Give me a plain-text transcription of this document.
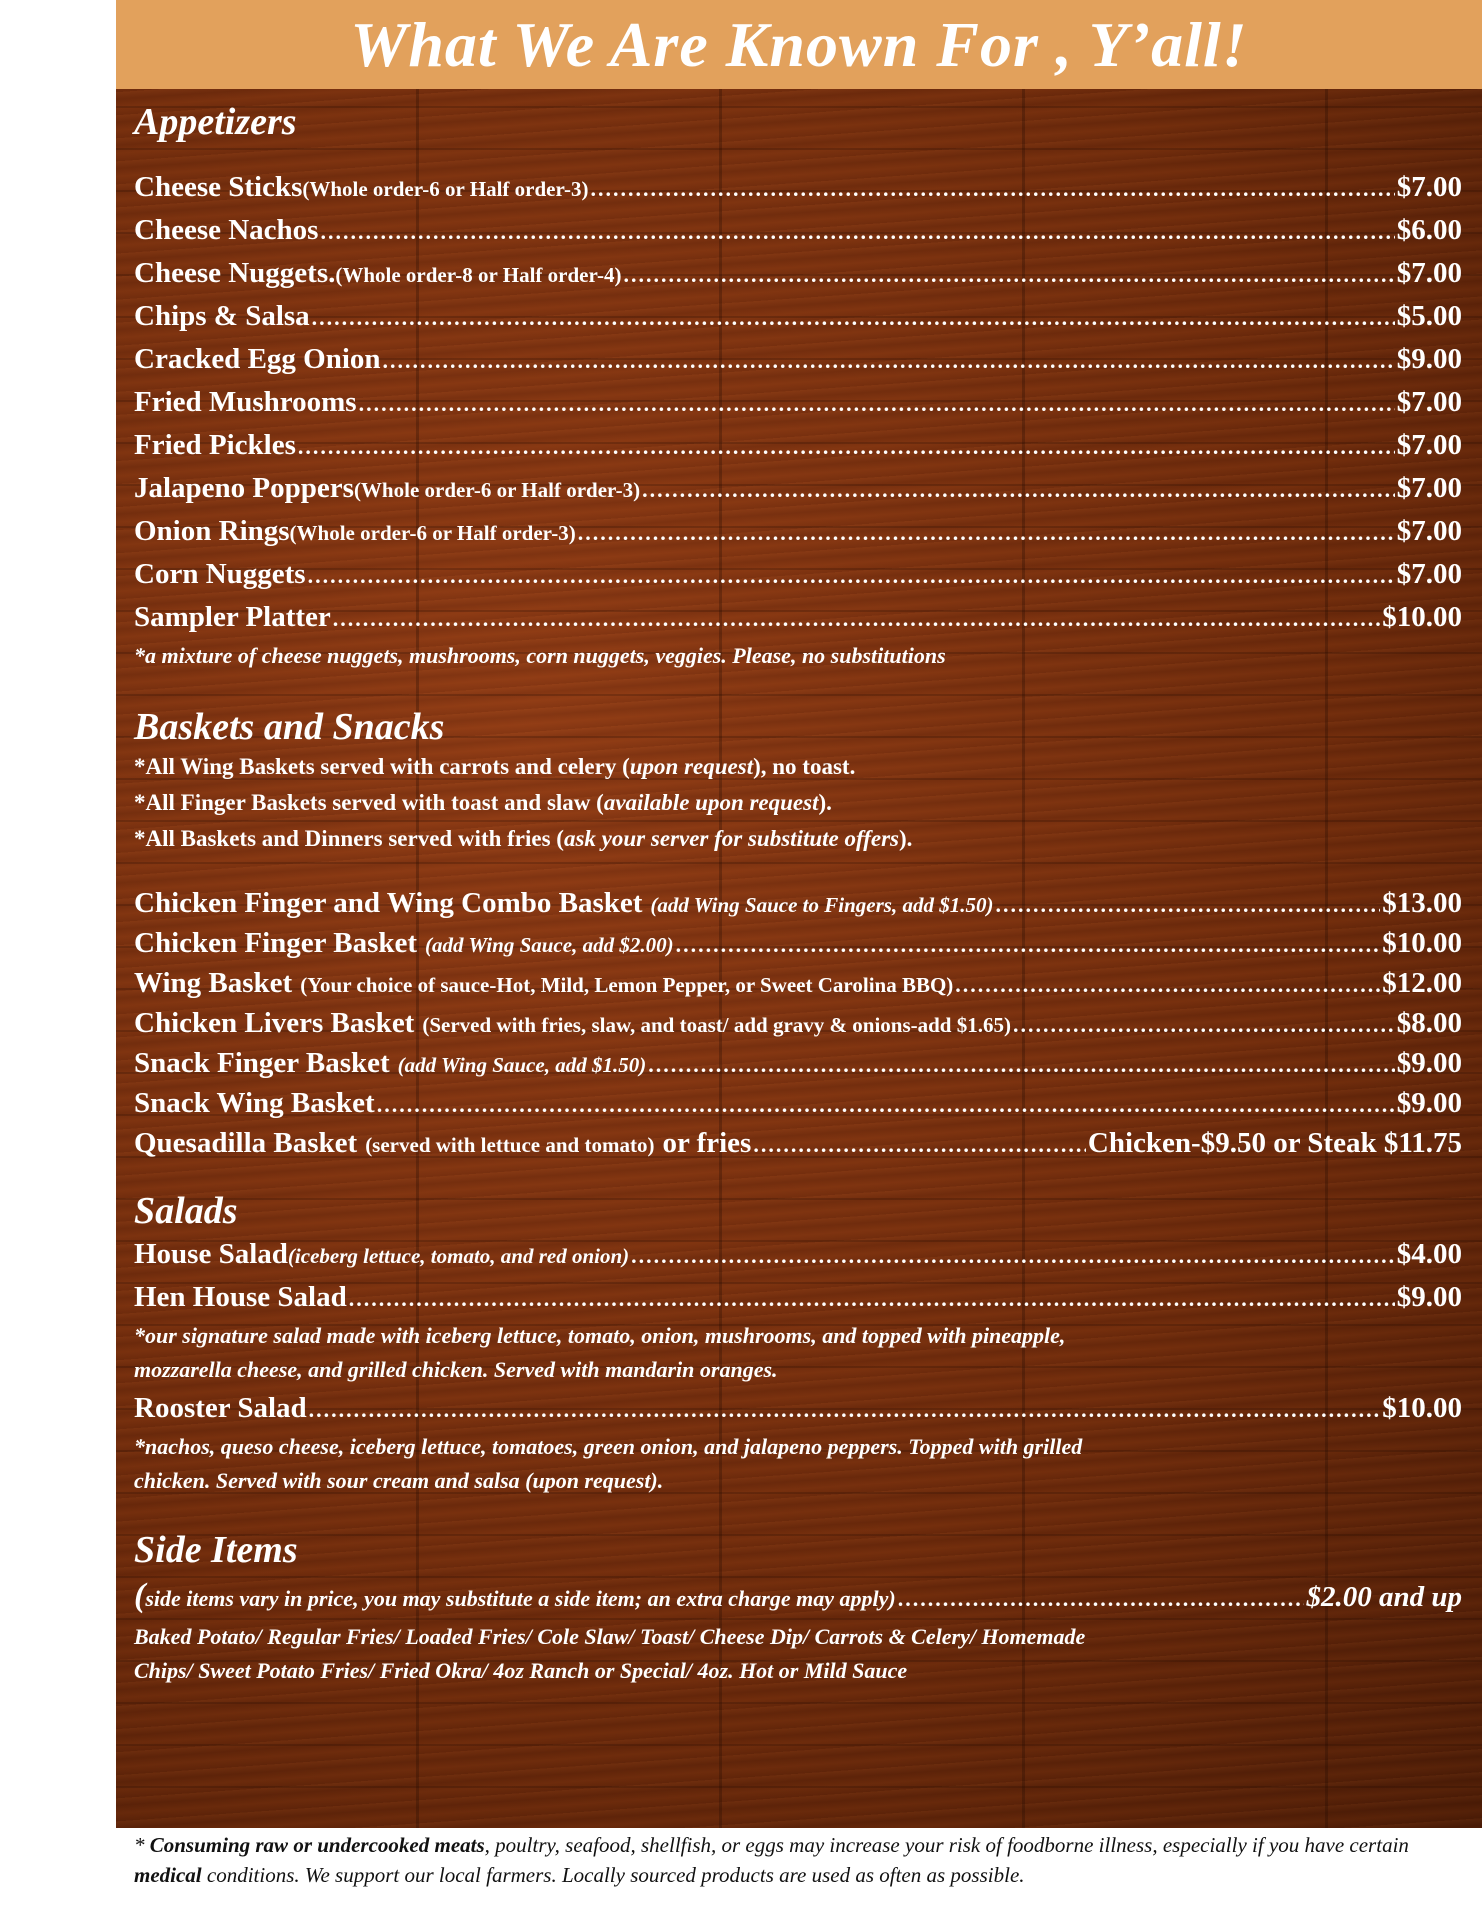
What We Are Known For , Y’all!
Appetizers
Cheese Sticks (Whole order-6 or Half order-3) .....	$7.00
Cheese Nachos .....	$6.00
Cheese Nuggets. (Whole order-8 or Half order-4) .....	$7.00
Chips & Salsa .....	$5.00
Cracked Egg Onion .....	$9.00
Fried Mushrooms .....	$7.00
Fried Pickles .....	$7.00
Jalapeno Poppers (Whole order-6 or Half order-3) .....	$7.00
Onion Rings (Whole order-6 or Half order-3) .....	$7.00
Corn Nuggets .....	$7.00
Sampler Platter .....	$10.00
*a mixture of cheese nuggets, mushrooms, corn nuggets, veggies. Please, no substitutions
Baskets and Snacks
*All Wing Baskets served with carrots and celery (upon request), no toast.
*All Finger Baskets served with toast and slaw (available upon request).
*All Baskets and Dinners served with fries (ask your server for substitute offers).
Chicken Finger and Wing Combo Basket (add Wing Sauce to Fingers, add $1.50) .....	$13.00
Chicken Finger Basket (add Wing Sauce, add $2.00) .....	$10.00
Wing Basket (Your choice of sauce-Hot, Mild, Lemon Pepper, or Sweet Carolina BBQ) .....	$12.00
Chicken Livers Basket (Served with fries, slaw, and toast/ add gravy & onions-add $1.65) .....	$8.00
Snack Finger Basket (add Wing Sauce, add $1.50) .....	$9.00
Snack Wing Basket .....	$9.00
Quesadilla Basket (served with lettuce and tomato) or fries .....	Chicken-$9.50 or Steak $11.75
Salads
House Salad (iceberg lettuce, tomato, and red onion) .....	$4.00
Hen House Salad .....	$9.00
*our signature salad made with iceberg lettuce, tomato, onion, mushrooms, and topped with pineapple,
mozzarella cheese, and grilled chicken. Served with mandarin oranges.
Rooster Salad .....	$10.00
*nachos, queso cheese, iceberg lettuce, tomatoes, green onion, and jalapeno peppers. Topped with grilled
chicken. Served with sour cream and salsa (upon request).
Side Items
( side items vary in price, you may substitute a side item; an extra charge may apply) .....	$2.00 and up
Baked Potato/ Regular Fries/ Loaded Fries/ Cole Slaw/ Toast/ Cheese Dip/ Carrots & Celery/ Homemade
Chips/ Sweet Potato Fries/ Fried Okra/ 4oz Ranch or Special/ 4oz. Hot or Mild Sauce
* Consuming raw or undercooked meats, poultry, seafood, shellfish, or eggs may increase your risk of foodborne illness, especially if you have certain medical conditions. We support our local farmers. Locally sourced products are used as often as possible.
